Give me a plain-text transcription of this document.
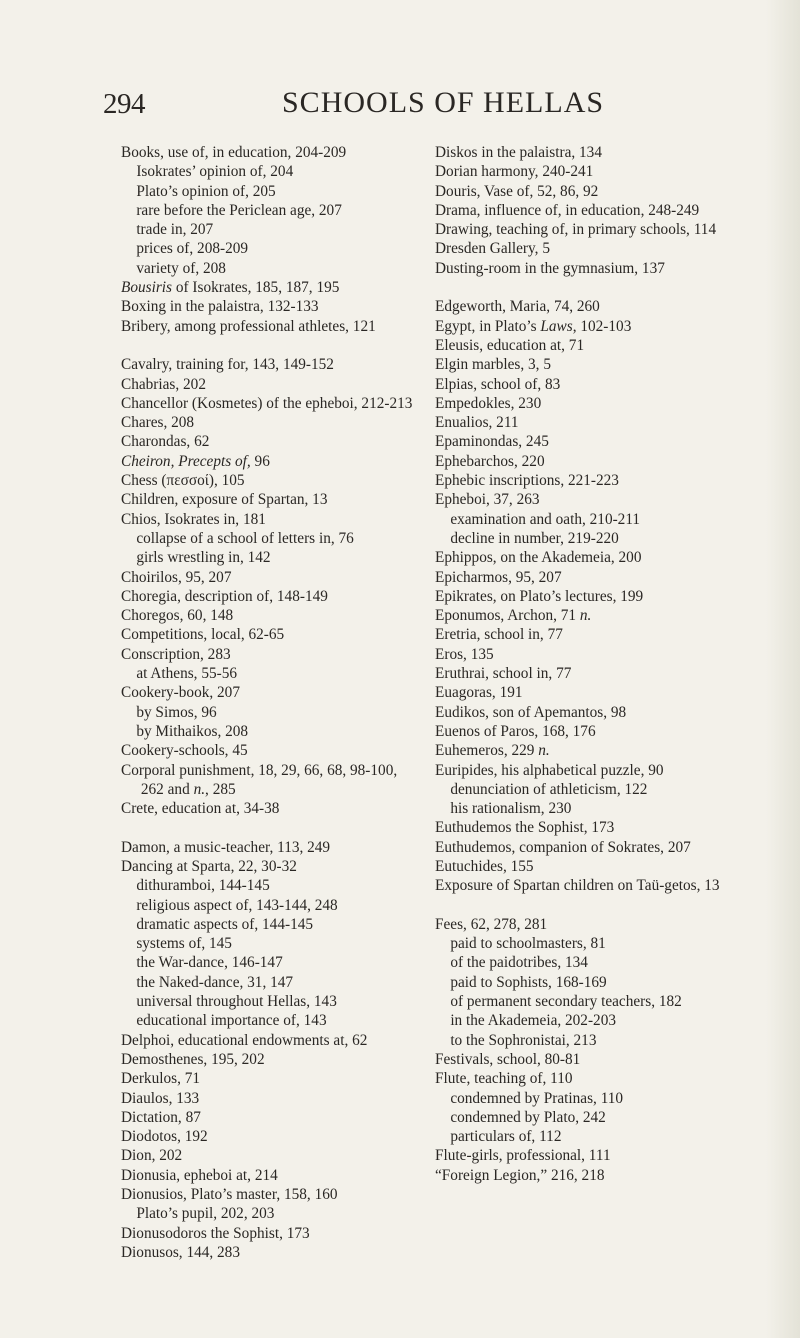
294	SCHOOLS OF HELLAS
Books, use of, in education, 204-209
Isokrates’ opinion of, 204
Plato’s opinion of, 205
rare before the Periclean age, 207
trade in, 207
prices of, 208-209
variety of, 208
Bousiris of Isokrates, 185, 187, 195
Boxing in the palaistra, 132-133
Bribery, among professional athletes, 121
Cavalry, training for, 143, 149-152
Chabrias, 202
Chancellor (Kosmetes) of the epheboi, 212-213
Chares, 208
Charondas, 62
Cheiron, Precepts of, 96
Chess (πεσσοί), 105
Children, exposure of Spartan, 13
Chios, Isokrates in, 181
collapse of a school of letters in, 76
girls wrestling in, 142
Choirilos, 95, 207
Choregia, description of, 148-149
Choregos, 60, 148
Competitions, local, 62-65
Conscription, 283
at Athens, 55-56
Cookery-book, 207
by Simos, 96
by Mithaikos, 208
Cookery-schools, 45
Corporal punishment, 18, 29, 66, 68, 98-100, 262 and n., 285
Crete, education at, 34-38
Damon, a music-teacher, 113, 249
Dancing at Sparta, 22, 30-32
dithuramboi, 144-145
religious aspect of, 143-144, 248
dramatic aspects of, 144-145
systems of, 145
the War-dance, 146-147
the Naked-dance, 31, 147
universal throughout Hellas, 143
educational importance of, 143
Delphoi, educational endowments at, 62
Demosthenes, 195, 202
Derkulos, 71
Diaulos, 133
Dictation, 87
Diodotos, 192
Dion, 202
Dionusia, epheboi at, 214
Dionusios, Plato’s master, 158, 160
Plato’s pupil, 202, 203
Dionusodoros the Sophist, 173
Dionusos, 144, 283
Diskos in the palaistra, 134
Dorian harmony, 240-241
Douris, Vase of, 52, 86, 92
Drama, influence of, in education, 248-249
Drawing, teaching of, in primary schools, 114
Dresden Gallery, 5
Dusting-room in the gymnasium, 137
Edgeworth, Maria, 74, 260
Egypt, in Plato’s Laws, 102-103
Eleusis, education at, 71
Elgin marbles, 3, 5
Elpias, school of, 83
Empedokles, 230
Enualios, 211
Epaminondas, 245
Ephebarchos, 220
Ephebic inscriptions, 221-223
Epheboi, 37, 263
examination and oath, 210-211
decline in number, 219-220
Ephippos, on the Akademeia, 200
Epicharmos, 95, 207
Epikrates, on Plato’s lectures, 199
Eponumos, Archon, 71 n.
Eretria, school in, 77
Eros, 135
Eruthrai, school in, 77
Euagoras, 191
Eudikos, son of Apemantos, 98
Euenos of Paros, 168, 176
Euhemeros, 229 n.
Euripides, his alphabetical puzzle, 90
denunciation of athleticism, 122
his rationalism, 230
Euthudemos the Sophist, 173
Euthudemos, companion of Sokrates, 207
Eutuchides, 155
Exposure of Spartan children on Taü-getos, 13
Fees, 62, 278, 281
paid to schoolmasters, 81
of the paidotribes, 134
paid to Sophists, 168-169
of permanent secondary teachers, 182
in the Akademeia, 202-203
to the Sophronistai, 213
Festivals, school, 80-81
Flute, teaching of, 110
condemned by Pratinas, 110
condemned by Plato, 242
particulars of, 112
Flute-girls, professional, 111
“Foreign Legion,” 216, 218
